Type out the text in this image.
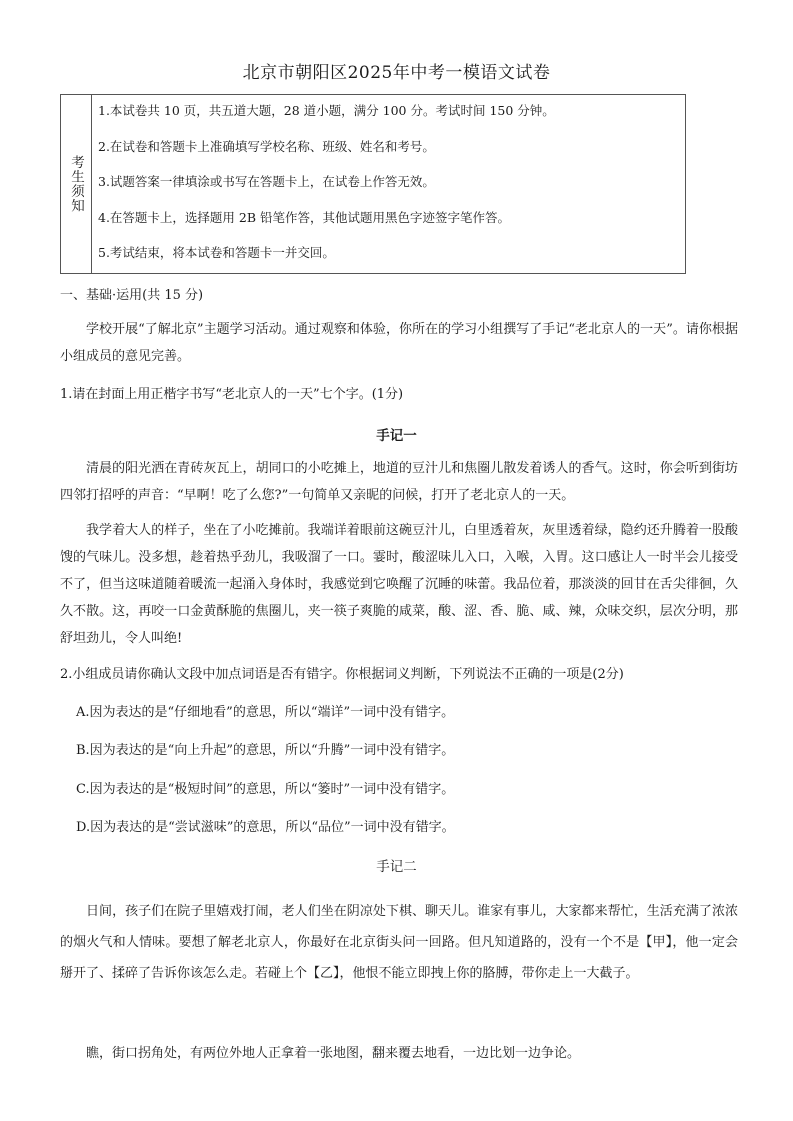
北京市朝阳区2025年中考一模语文试卷
考生须知
1.本试卷共 10 页，共五道大题，28 道小题，满分 100 分。考试时间 150 分钟。
2.在试卷和答题卡上准确填写学校名称、班级、姓名和考号。
3.试题答案一律填涂或书写在答题卡上，在试卷上作答无效。
4.在答题卡上，选择题用 2B 铅笔作答，其他试题用黑色字迹签字笔作答。
5.考试结束，将本试卷和答题卡一并交回。
一、基础·运用(共 15 分)
学校开展“了解北京”主题学习活动。通过观察和体验，你所在的学习小组撰写了手记“老北京人的一天”。请你根据小组成员的意见完善。
1.请在封面上用正楷字书写“老北京人的一天”七个字。(1分)
手记一
清晨的阳光洒在青砖灰瓦上，胡同口的小吃摊上，地道的豆汁儿和焦圈儿散发着诱人的香气。这时，你会听到街坊四邻打招呼的声音：“早啊！吃了么您?”一句简单又亲昵的问候，打开了老北京人的一天。
我学着大人的样子，坐在了小吃摊前。我端详着眼前这碗豆汁儿，白里透着灰，灰里透着绿，隐约还升腾着一股酸馊的气味儿。没多想，趁着热乎劲儿，我吸溜了一口。霎时，酸涩味儿入口，入喉，入胃。这口感让人一时半会儿接受不了，但当这味道随着暖流一起涌入身体时，我感觉到它唤醒了沉睡的味蕾。我品位着，那淡淡的回甘在舌尖徘徊，久久不散。这，再咬一口金黄酥脆的焦圈儿，夹一筷子爽脆的咸菜，酸、涩、香、脆、咸、辣，众味交织，层次分明，那舒坦劲儿，令人叫绝!
2.小组成员请你确认文段中加点词语是否有错字。你根据词义判断，下列说法不正确的一项是(2分)
A.因为表达的是“仔细地看”的意思，所以“端详”一词中没有错字。
B.因为表达的是“向上升起”的意思，所以“升腾”一词中没有错字。
C.因为表达的是“极短时间”的意思，所以“篓时”一词中没有错字。
D.因为表达的是“尝试滋味”的意思，所以“品位”一词中没有错字。
手记二
日间，孩子们在院子里嬉戏打闹，老人们坐在阴凉处下棋、聊天儿。谁家有事儿，大家都来帮忙，生活充满了浓浓的烟火气和人情味。要想了解老北京人，你最好在北京街头问一回路。但凡知道路的，没有一个不是【甲】，他一定会掰开了、揉碎了告诉你该怎么走。若碰上个【乙】，他恨不能立即拽上你的胳膊，带你走上一大截子。
瞧，街口拐角处，有两位外地人正拿着一张地图，翻来覆去地看，一边比划一边争论。
